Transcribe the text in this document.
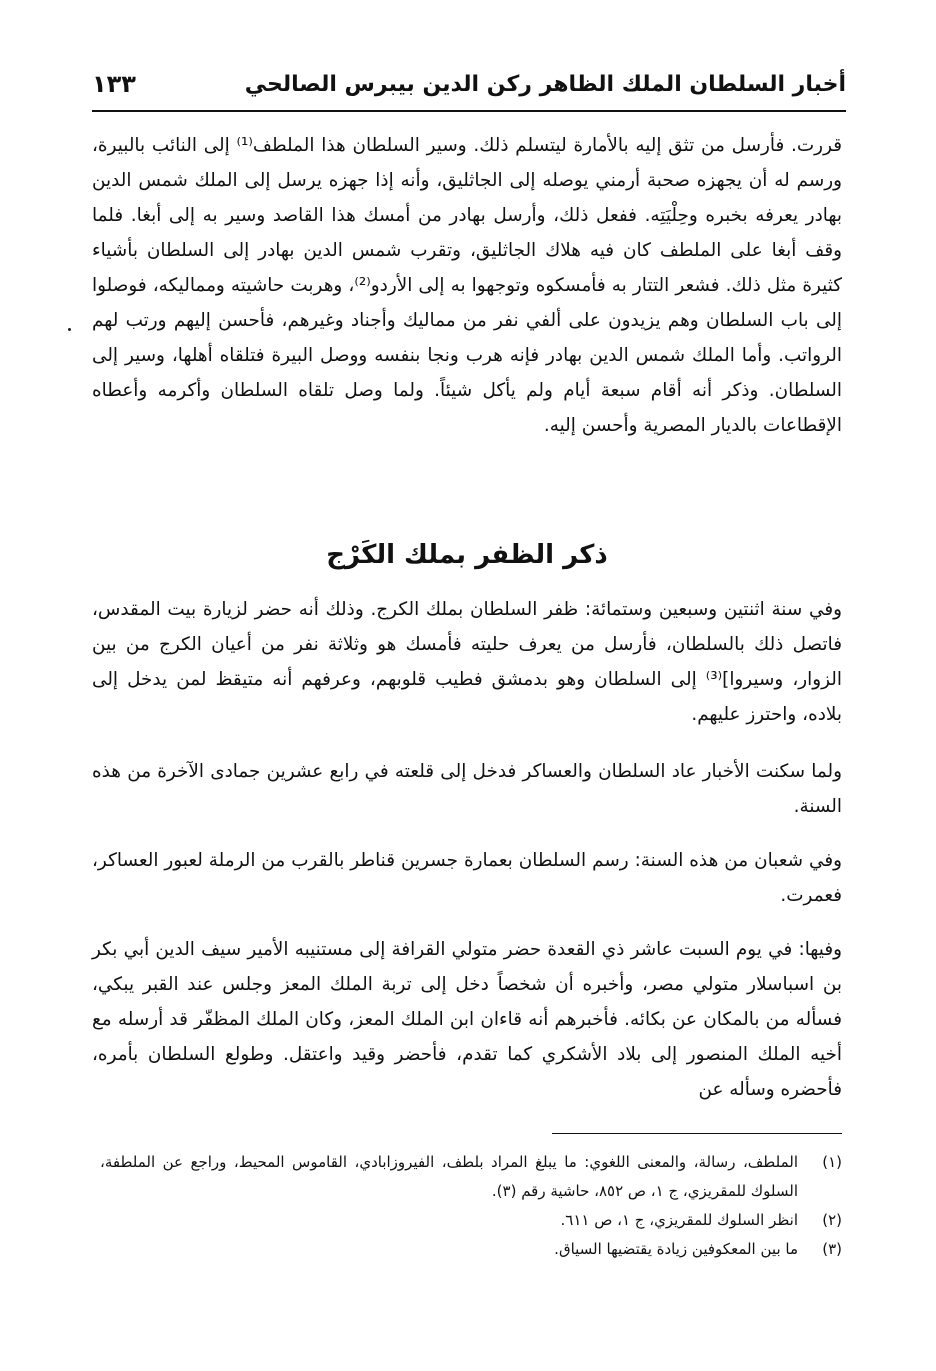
أخبار السلطان الملك الظاهر ركن الدين بيبرس الصالحي
١٣٣

قررت. فأرسل من تثق إليه بالأمارة ليتسلم ذلك. وسير السلطان هذا الملطف⁽¹⁾ إلى النائب بالبيرة، ورسم له أن يجهزه صحبة أرمني يوصله إلى الجاثليق، وأنه إذا جهزه يرسل إلى الملك شمس الدين بهادر يعرفه بخبره وحِلْيَتِه. ففعل ذلك، وأرسل بهادر من أمسك هذا القاصد وسير به إلى أبغا. فلما وقف أبغا على الملطف كان فيه هلاك الجاثليق، وتقرب شمس الدين بهادر إلى السلطان بأشياء كثيرة مثل ذلك. فشعر التتار به فأمسكوه وتوجهوا به إلى الأردو⁽²⁾، وهربت حاشيته ومماليكه، فوصلوا إلى باب السلطان وهم يزيدون على ألفي نفر من مماليك وأجناد وغيرهم، فأحسن إليهم ورتب لهم الرواتب. وأما الملك شمس الدين بهادر فإنه هرب ونجا بنفسه ووصل البيرة فتلقاه أهلها، وسير إلى السلطان. وذكر أنه أقام سبعة أيام ولم يأكل شيئاً. ولما وصل تلقاه السلطان وأكرمه وأعطاه الإقطاعات بالديار المصرية وأحسن إليه.

ذكر الظفر بملك الكَرْج

وفي سنة اثنتين وسبعين وستمائة: ظفر السلطان بملك الكرج. وذلك أنه حضر لزيارة بيت المقدس، فاتصل ذلك بالسلطان، فأرسل من يعرف حليته فأمسك هو وثلاثة نفر من أعيان الكرج من بين الزوار، وسيروا]⁽³⁾ إلى السلطان وهو بدمشق فطيب قلوبهم، وعرفهم أنه متيقظ لمن يدخل إلى بلاده، واحترز عليهم.

ولما سكنت الأخبار عاد السلطان والعساكر فدخل إلى قلعته في رابع عشرين جمادى الآخرة من هذه السنة.

وفي شعبان من هذه السنة: رسم السلطان بعمارة جسرين قناطر بالقرب من الرملة لعبور العساكر، فعمرت.

وفيها: في يوم السبت عاشر ذي القعدة حضر متولي القرافة إلى مستنيبه الأمير سيف الدين أبي بكر بن اسباسلار متولي مصر، وأخبره أن شخصاً دخل إلى تربة الملك المعز وجلس عند القبر يبكي، فسأله من بالمكان عن بكائه. فأخبرهم أنه قاءان ابن الملك المعز، وكان الملك المظفّر قد أرسله مع أخيه الملك المنصور إلى بلاد الأشكري كما تقدم، فأحضر وقيد واعتقل. وطولع السلطان بأمره، فأحضره وسأله عن

(١)
الملطف، رسالة، والمعنى اللغوي: ما يبلغ المراد بلطف، الفيروزابادي، القاموس المحيط، وراجع عن الملطفة، السلوك للمقريزي، ج ١، ص ٨٥٢، حاشية رقم (٣).
(٢)
انظر السلوك للمقريزي، ج ١، ص ٦١١.
(٣)
ما بين المعكوفين زيادة يقتضيها السياق.
